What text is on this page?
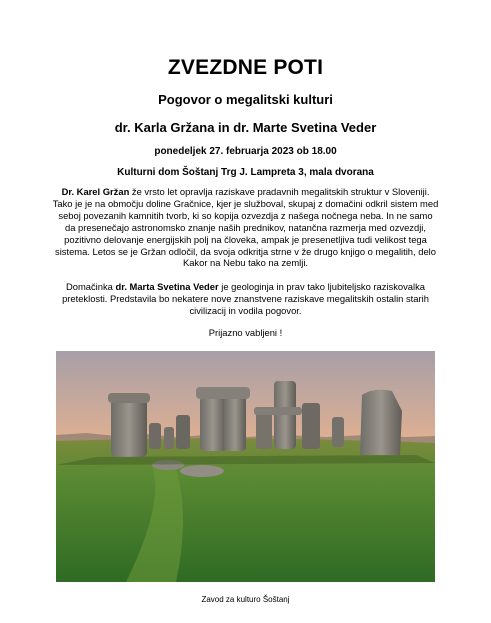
ZVEZDNE POTI
Pogovor o megalitski kulturi
dr. Karla Gržana in dr. Marte Svetina Veder
ponedeljek 27. februarja 2023 ob 18.00
Kulturni dom Šoštanj Trg J. Lampreta 3, mala dvorana
Dr. Karel Gržan že vrsto let opravlja raziskave pradavnih megalitskih struktur v Sloveniji. Tako je je na območju doline Gračnice, kjer je služboval, skupaj z domačini odkril sistem med seboj povezanih kamnitih tvorb, ki so kopija ozvezdja z našega nočnega neba. In ne samo da presenečajo astronomsko znanje naših prednikov, natančna razmerja med ozvezdji, pozitivno delovanje energijskih polj na človeka, ampak je presenetljiva tudi velikost tega sistema. Letos se je Gržan odločil, da svoja odkritja strne v že drugo knjigo o megalitih, delo Kakor na Nebu tako na zemlji.
Domačinka dr. Marta Svetina Veder je geologinja in prav tako ljubiteljsko raziskovalka preteklosti. Predstavila bo nekatere nove znanstvene raziskave megalitskih ostalin starih civilizacij in vodila pogovor.
Prijazno vabljeni !
Zavod za kulturo Šoštanj
